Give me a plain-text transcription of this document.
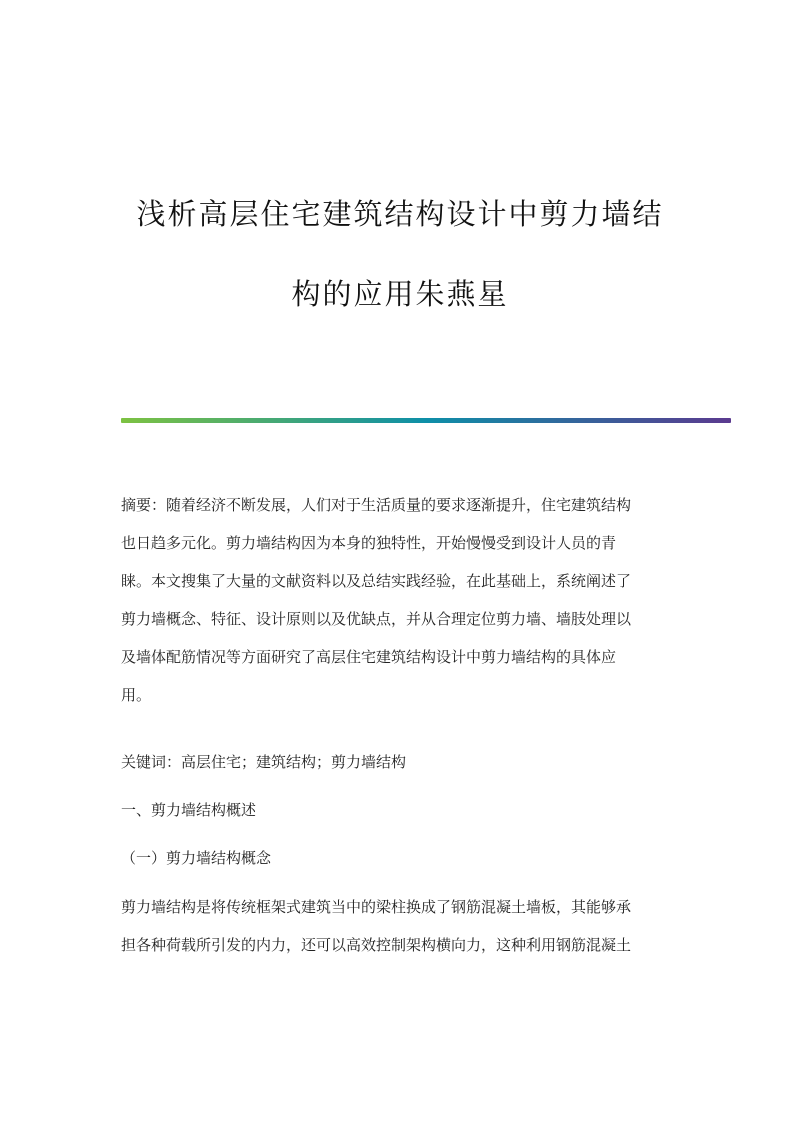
浅析高层住宅建筑结构设计中剪力墙结
构的应用朱燕星
摘要：随着经济不断发展，人们对于生活质量的要求逐渐提升，住宅建筑结构
也日趋多元化。剪力墙结构因为本身的独特性，开始慢慢受到设计人员的青
睐。本文搜集了大量的文献资料以及总结实践经验，在此基础上，系统阐述了
剪力墙概念、特征、设计原则以及优缺点，并从合理定位剪力墙、墙肢处理以
及墙体配筋情况等方面研究了高层住宅建筑结构设计中剪力墙结构的具体应
用。
关键词：高层住宅；建筑结构；剪力墙结构
一、剪力墙结构概述
（一）剪力墙结构概念
剪力墙结构是将传统框架式建筑当中的梁柱换成了钢筋混凝土墙板，其能够承
担各种荷载所引发的内力，还可以高效控制架构横向力，这种利用钢筋混凝土
